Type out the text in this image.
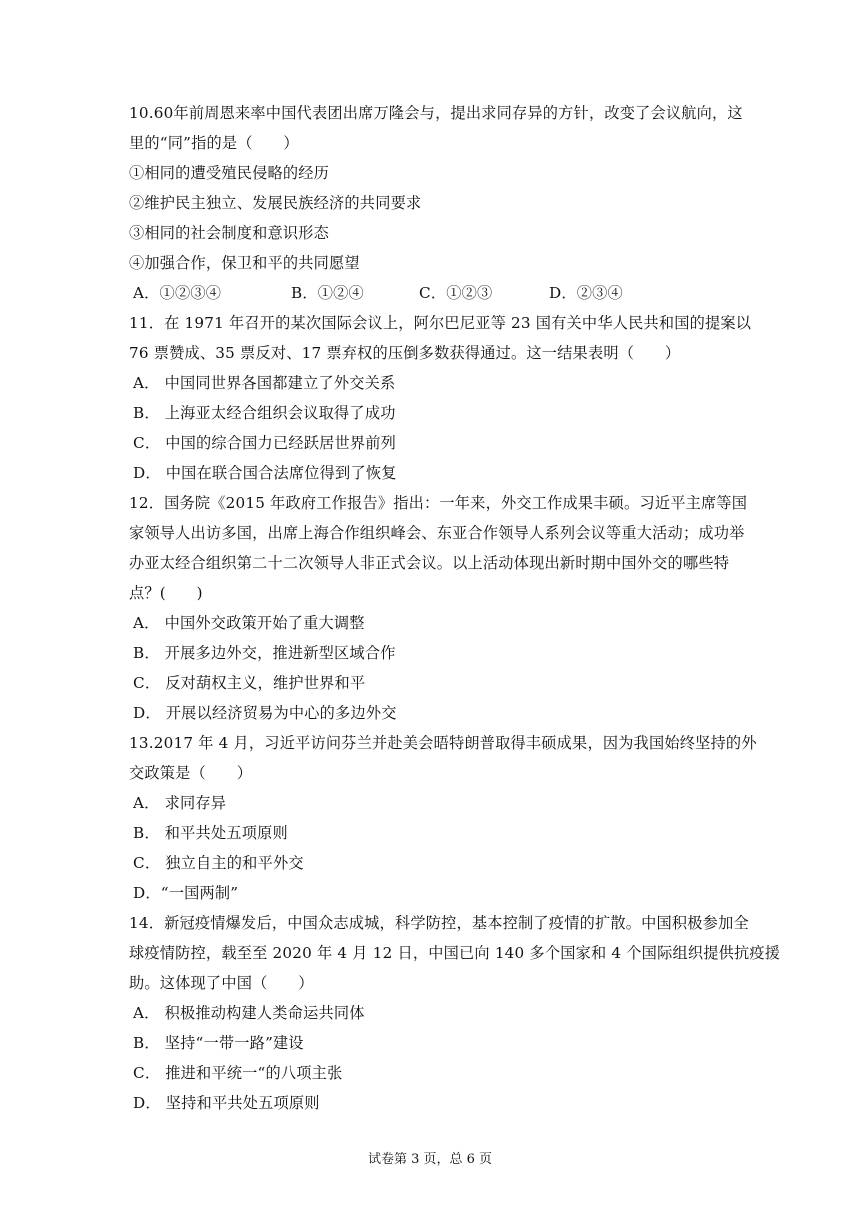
10.60年前周恩来率中国代表团出席万隆会与，提出求同存异的方针，改变了会议航向，这
里的“同”指的是（　　）
①相同的遭受殖民侵略的经历
②维护民主独立、发展民族经济的共同要求
③相同的社会制度和意识形态
④加强合作，保卫和平的共同愿望
A．①②③④	B．①②④	C．①②③	D．②③④
11．在 1971 年召开的某次国际会议上，阿尔巴尼亚等 23 国有关中华人民共和国的提案以
76 票赞成、35 票反对、17 票弃权的压倒多数获得通过。这一结果表明（　　）
A． 中国同世界各国都建立了外交关系
B． 上海亚太经合组织会议取得了成功
C． 中国的综合国力已经跃居世界前列
D． 中国在联合国合法席位得到了恢复
12．国务院《2015 年政府工作报告》指出：一年来，外交工作成果丰硕。习近平主席等国
家领导人出访多国，出席上海合作组织峰会、东亚合作领导人系列会议等重大活动；成功举
办亚太经合组织第二十二次领导人非正式会议。以上活动体现出新时期中国外交的哪些特
点？(　　)
A． 中国外交政策开始了重大调整
B． 开展多边外交，推进新型区域合作
C． 反对葫权主义，维护世界和平
D． 开展以经济贸易为中心的多边外交
13.2017 年 4 月，习近平访问芬兰并赴美会晤特朗普取得丰硕成果，因为我国始终坚持的外
交政策是（　　）
A． 求同存异
B． 和平共处五项原则
C． 独立自主的和平外交
D．“一国两制”
14．新冠疫情爆发后，中国众志成城，科学防控，基本控制了疫情的扩散。中国积极参加全
球疫情防控，载至至 2020 年 4 月 12 日，中国已向 140 多个国家和 4 个国际组织提供抗疫援
助。这体现了中国（　　）
A． 积极推动构建人类命运共同体
B． 坚持“一带一路”建设
C． 推进和平统一“的八项主张
D． 坚持和平共处五项原则
试卷第 3 页，总 6 页
